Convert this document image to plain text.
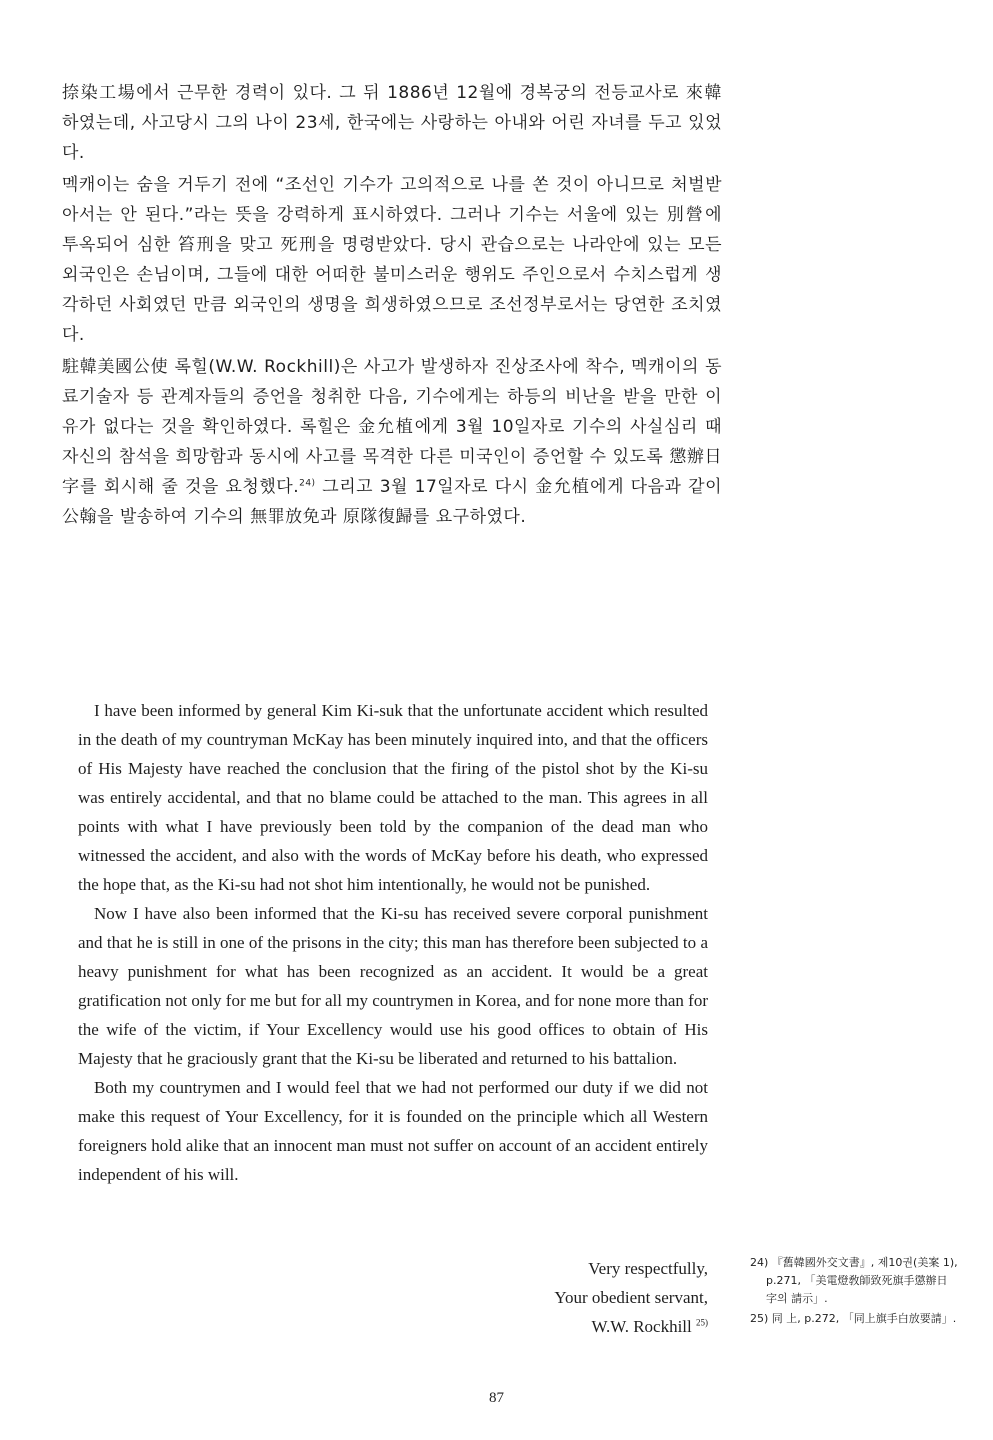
捺染工場에서 근무한 경력이 있다. 그 뒤 1886년 12월에 경복궁의 전등교사로 來韓하였는데, 사고당시 그의 나이 23세, 한국에는 사랑하는 아내와 어린 자녀를 두고 있었다.

멕캐이는 숨을 거두기 전에 “조선인 기수가 고의적으로 나를 쏜 것이 아니므로 처벌받아서는 안 된다.”라는 뜻을 강력하게 표시하였다. 그러나 기수는 서울에 있는 別營에 투옥되어 심한 笞刑을 맞고 死刑을 명령받았다. 당시 관습으로는 나라안에 있는 모든 외국인은 손님이며, 그들에 대한 어떠한 불미스러운 행위도 주인으로서 수치스럽게 생각하던 사회였던 만큼 외국인의 생명을 희생하였으므로 조선정부로서는 당연한 조치였다.

駐韓美國公使 록힐(W.W. Rockhill)은 사고가 발생하자 진상조사에 착수, 멕캐이의 동료기술자 등 관계자들의 증언을 청취한 다음, 기수에게는 하등의 비난을 받을 만한 이유가 없다는 것을 확인하였다. 록힐은 金允植에게 3월 10일자로 기수의 사실심리 때 자신의 참석을 희망함과 동시에 사고를 목격한 다른 미국인이 증언할 수 있도록 懲辦日字를 회시해 줄 것을 요청했다.$^{24)}$ 그리고 3월 17일자로 다시 金允植에게 다음과 같이 公翰을 발송하여 기수의 無罪放免과 原隊復歸를 요구하였다.

I have been informed by general Kim Ki-suk that the unfortunate accident which resulted in the death of my countryman McKay has been minutely inquired into, and that the officers of His Majesty have reached the conclusion that the firing of the pistol shot by the Ki-su was entirely accidental, and that no blame could be attached to the man. This agrees in all points with what I have previously been told by the companion of the dead man who witnessed the accident, and also with the words of McKay before his death, who expressed the hope that, as the Ki-su had not shot him intentionally, he would not be punished.

Now I have also been informed that the Ki-su has received severe corporal punishment and that he is still in one of the prisons in the city; this man has therefore been subjected to a heavy punishment for what has been recognized as an accident. It would be a great gratification not only for me but for all my countrymen in Korea, and for none more than for the wife of the victim, if Your Excellency would use his good offices to obtain of His Majesty that he graciously grant that the Ki-su be liberated and returned to his battalion.

Both my countrymen and I would feel that we had not performed our duty if we did not make this request of Your Excellency, for it is founded on the principle which all Western foreigners hold alike that an innocent man must not suffer on account of an accident entirely independent of his will.

Very respectfully,
Your obedient servant,
W.W. Rockhill $^{25)}$
24) 『舊韓國外交文書』, 제10권(美案 1),
p.271, 「美電燈敎師致死旗手懲辦日
字의 請示」.
25) 同 上, p.272, 「同上旗手白放要請」.
87
